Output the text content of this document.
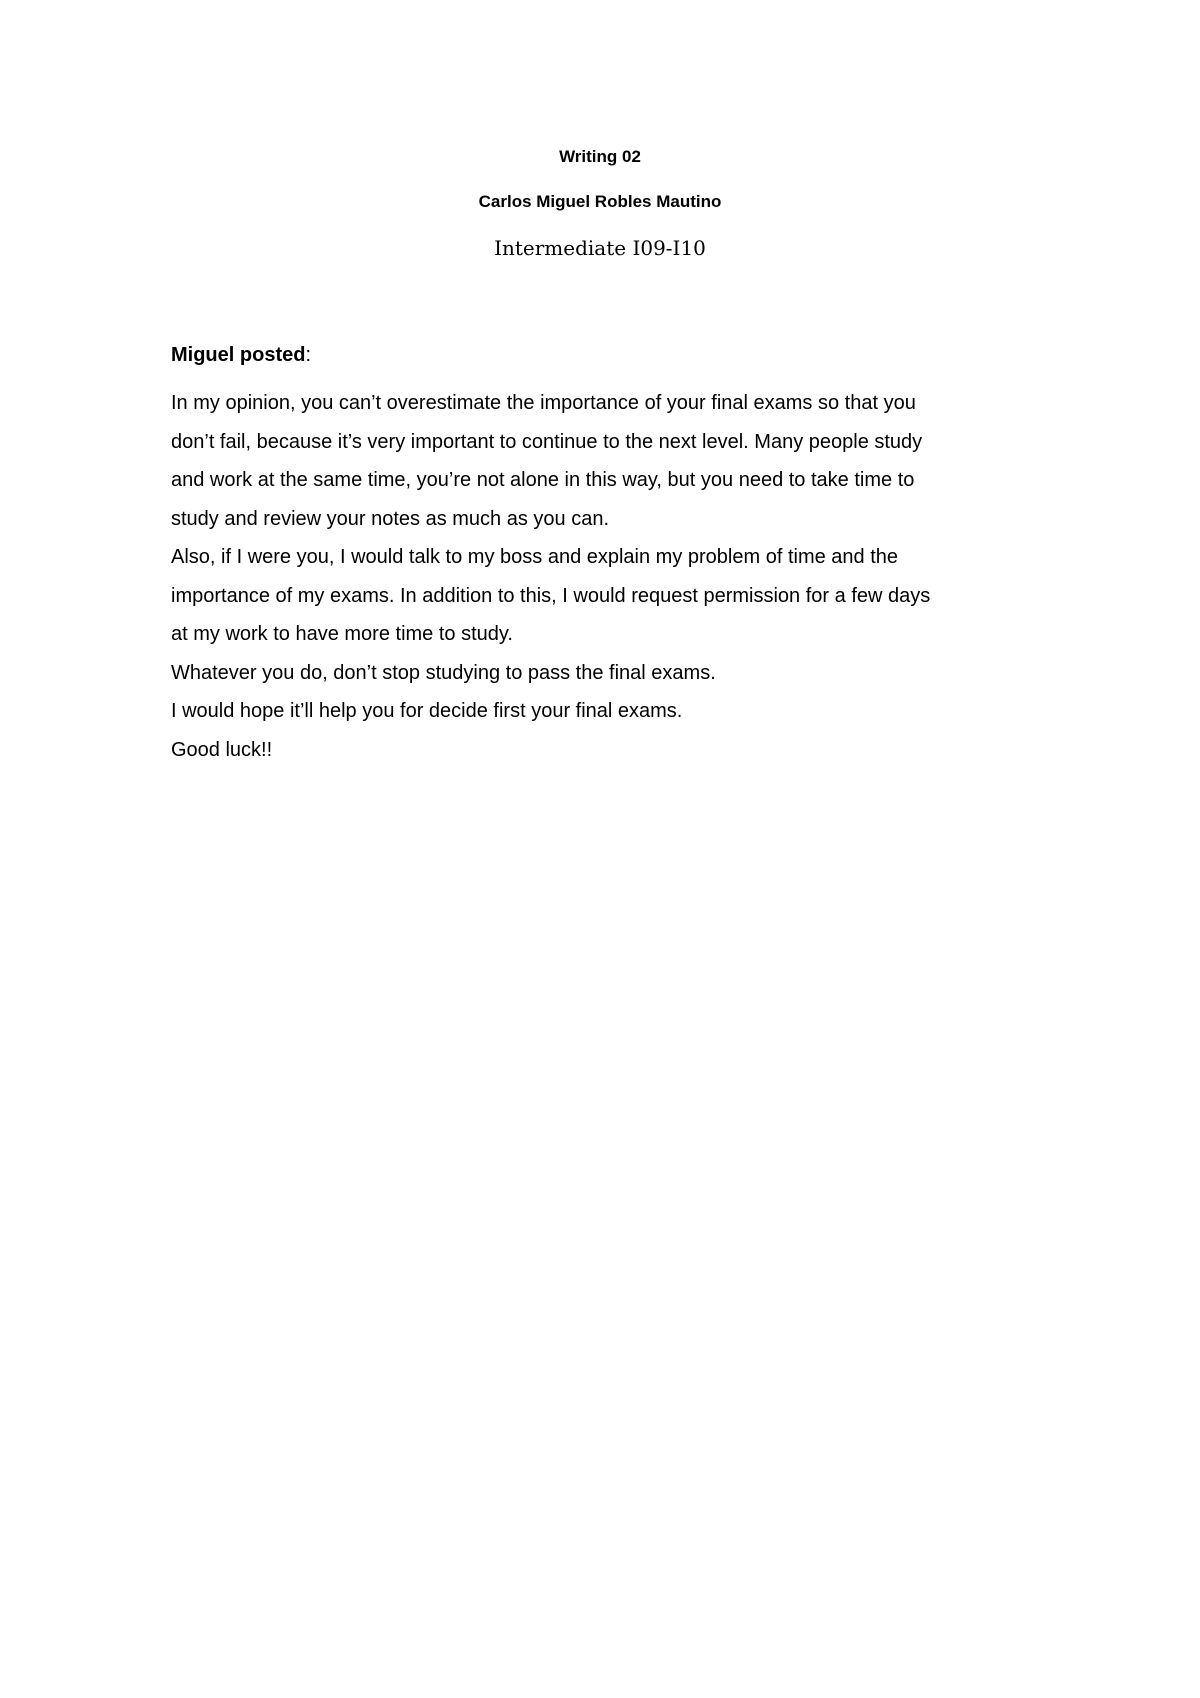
Writing 02

Carlos Miguel Robles Mautino

Intermediate I09-I10

Miguel posted:

In my opinion, you can’t overestimate the importance of your final exams so that you
don’t fail, because it’s very important to continue to the next level. Many people study
and work at the same time, you’re not alone in this way, but you need to take time to
study and review your notes as much as you can.
Also, if I were you, I would talk to my boss and explain my problem of time and the
importance of my exams. In addition to this, I would request permission for a few days
at my work to have more time to study.
Whatever you do, don’t stop studying to pass the final exams.
I would hope it’ll help you for decide first your final exams.
Good luck!!
